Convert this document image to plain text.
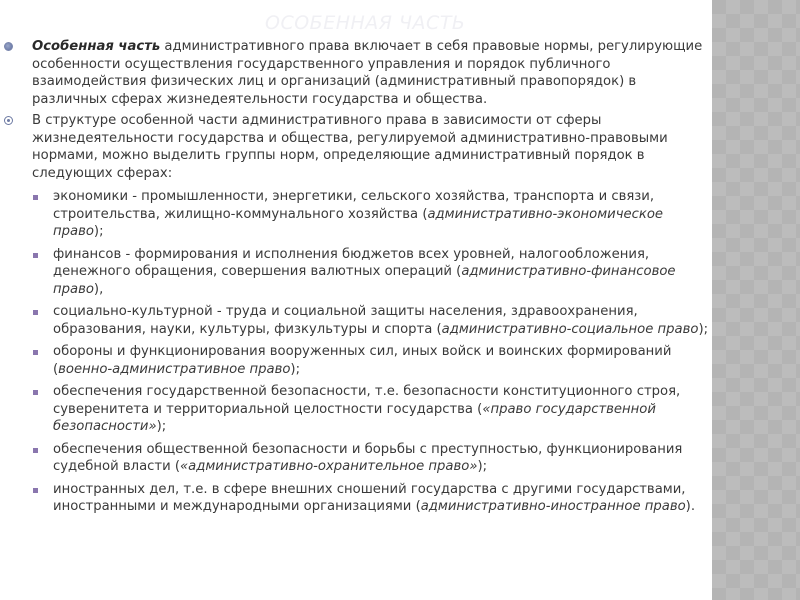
ОСОБЕННАЯ ЧАСТЬ

Особенная часть административного права включает в себя правовые нормы, регулирующие особенности осуществления государственного управления и порядок публичного взаимодействия физических лиц и организаций (административный правопорядок) в различных сферах жизнедеятельности государства и общества.

В структуре особенной части административного права в зависимости от сферы жизнедеятельности государства и общества, регулируемой административно-правовыми нормами, можно выделить группы норм, определяющие административный порядок в следующих сферах:

экономики - промышленности, энергетики, сельского хозяйства, транспорта и связи, строительства, жилищно-коммунального хозяйства (административно-экономическое право);
финансов - формирования и исполнения бюджетов всех уровней, налогообложения, денежного обращения, совершения валютных операций (административно-финансовое право),
социально-культурной - труда и социальной защиты населения, здравоохранения, образования, науки, культуры, физкультуры и спорта (административно-социальное право);
обороны и функционирования вооруженных сил, иных войск и воинских формирований (военно-административное право);
обеспечения государственной безопасности, т.е. безопасности конституционного строя, суверенитета и территориальной целостности государства («право государственной безопасности»);
обеспечения общественной безопасности и борьбы с преступностью, функционирования судебной власти («административно-охранительное право»);
иностранных дел, т.е. в сфере внешних сношений государства с другими государствами, иностранными и международными организациями (административно-иностранное право).
